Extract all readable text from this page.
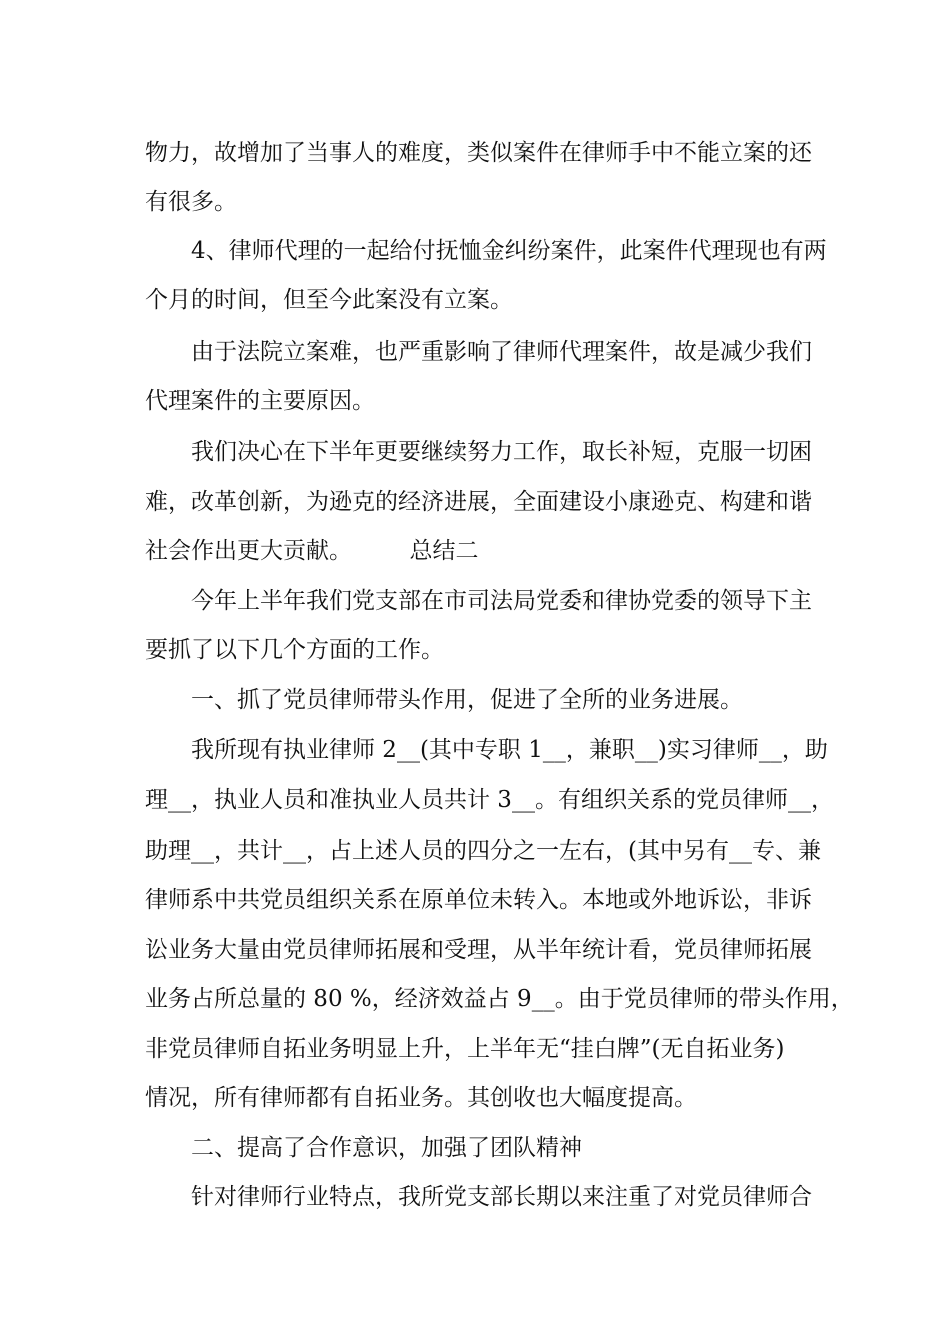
物力，故增加了当事人的难度，类似案件在律师手中不能立案的还

有很多。

4、律师代理的一起给付抚恤金纠纷案件，此案件代理现也有两

个月的时间，但至今此案没有立案。

由于法院立案难，也严重影响了律师代理案件，故是减少我们

代理案件的主要原因。

我们决心在下半年更要继续努力工作，取长补短，克服一切困

难，改革创新，为逊克的经济进展，全面建设小康逊克、构建和谐

社会作出更大贡献。　　　总结二

今年上半年我们党支部在市司法局党委和律协党委的领导下主

要抓了以下几个方面的工作。

一、抓了党员律师带头作用，促进了全所的业务进展。

我所现有执业律师 2__(其中专职 1__，兼职__)实习律师__，助

理__，执业人员和准执业人员共计 3__。有组织关系的党员律师__，

助理__，共计__，占上述人员的四分之一左右，(其中另有__专、兼

律师系中共党员组织关系在原单位未转入。本地或外地诉讼，非诉

讼业务大量由党员律师拓展和受理，从半年统计看，党员律师拓展

业务占所总量的 80 %，经济效益占 9__。由于党员律师的带头作用，

非党员律师自拓业务明显上升，上半年无“挂白牌”(无自拓业务)

情况，所有律师都有自拓业务。其创收也大幅度提高。

二、提高了合作意识，加强了团队精神

针对律师行业特点，我所党支部长期以来注重了对党员律师合
